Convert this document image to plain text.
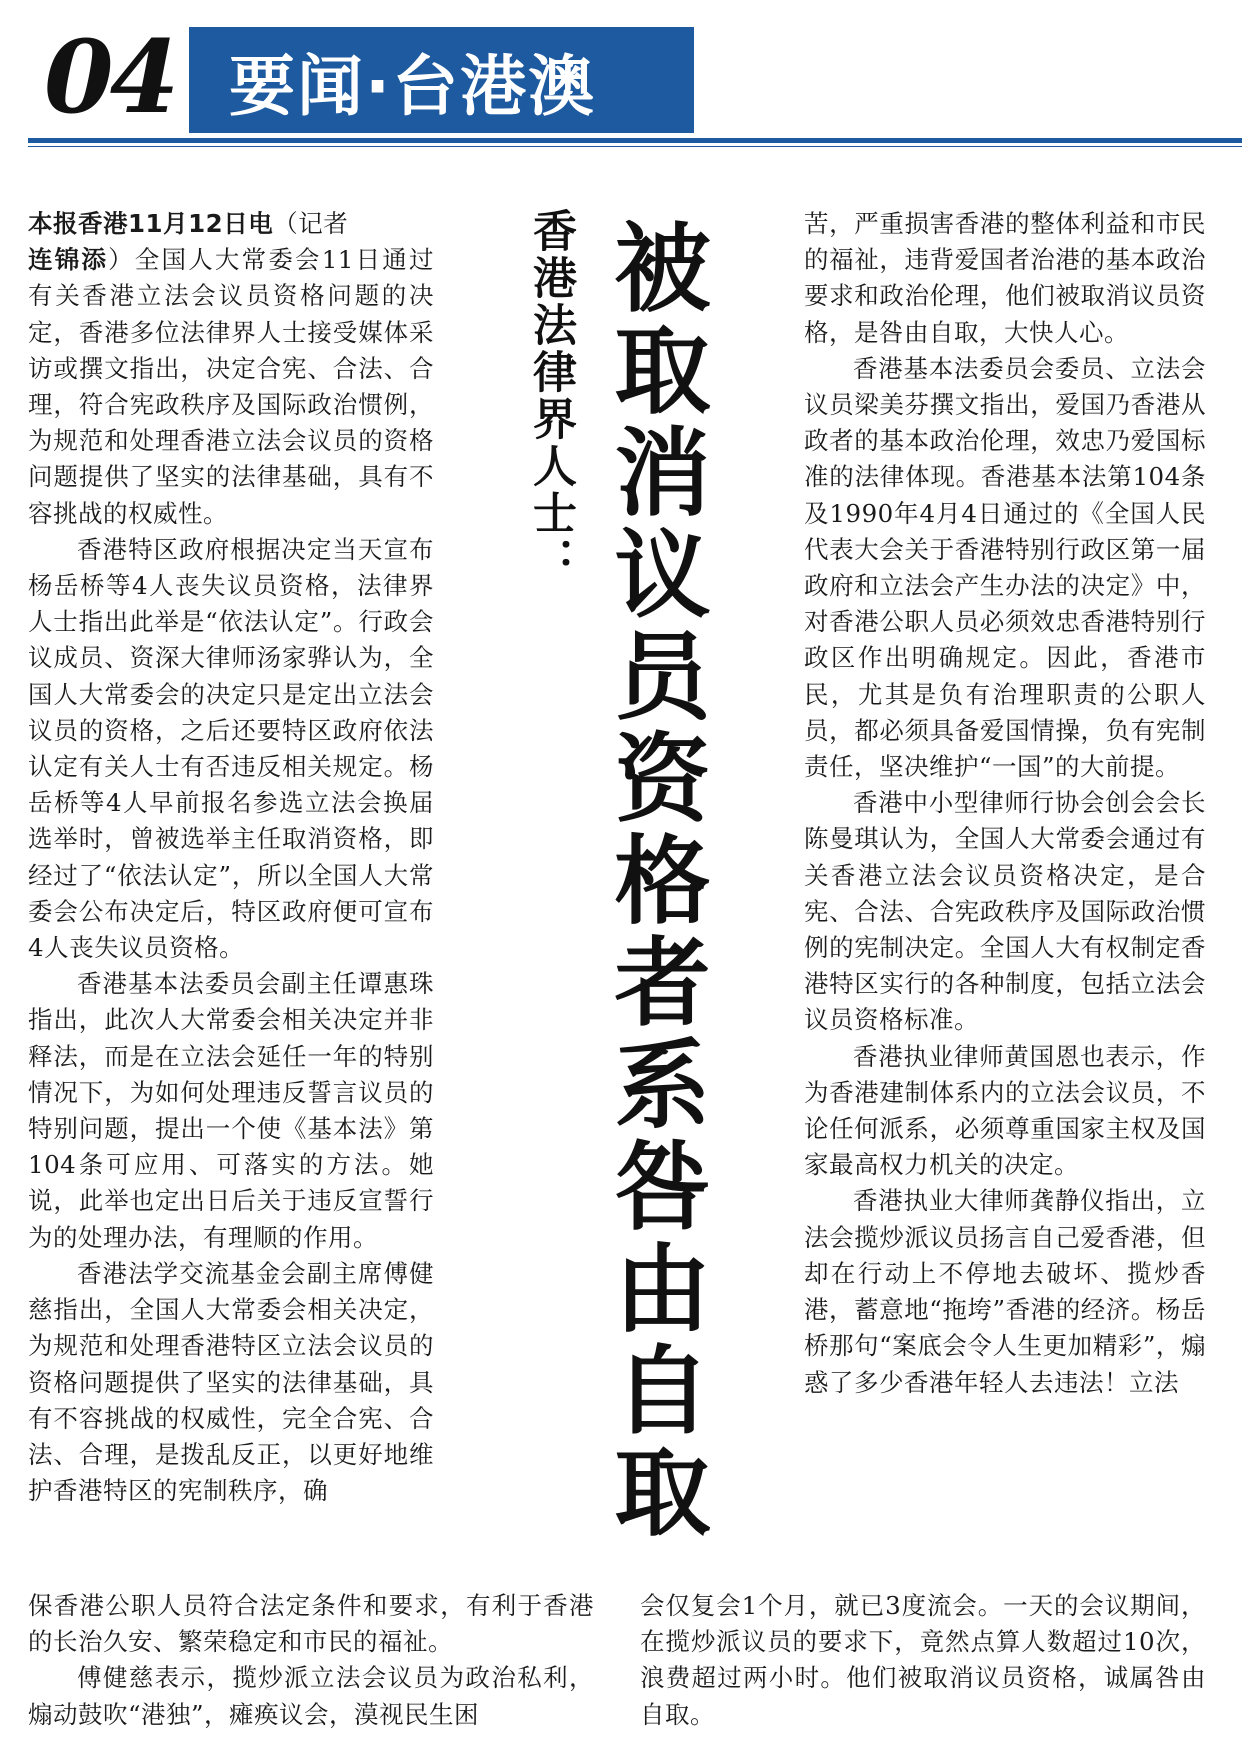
04 要闻·台港澳

本报香港11月12日电（记者
连锦添）全国人大常委会11日通过有关香港立法会议员资格问题的决定，香港多位法律界人士接受媒体采访或撰文指出，决定合宪、合法、合理，符合宪政秩序及国际政治惯例，为规范和处理香港立法会议员的资格问题提供了坚实的法律基础，具有不容挑战的权威性。

香港特区政府根据决定当天宣布杨岳桥等4人丧失议员资格，法律界人士指出此举是“依法认定”。行政会议成员、资深大律师汤家骅认为，全国人大常委会的决定只是定出立法会议员的资格，之后还要特区政府依法认定有关人士有否违反相关规定。杨岳桥等4人早前报名参选立法会换届选举时，曾被选举主任取消资格，即经过了“依法认定”，所以全国人大常委会公布决定后，特区政府便可宣布4人丧失议员资格。

香港基本法委员会副主任谭惠珠指出，此次人大常委会相关决定并非释法，而是在立法会延任一年的特别情况下，为如何处理违反誓言议员的特别问题，提出一个使《基本法》第104条可应用、可落实的方法。她说，此举也定出日后关于违反宣誓行为的处理办法，有理顺的作用。

香港法学交流基金会副主席傅健慈指出，全国人大常委会相关决定，为规范和处理香港特区立法会议员的资格问题提供了坚实的法律基础，具有不容挑战的权威性，完全合宪、合法、合理，是拨乱反正，以更好地维护香港特区的宪制秩序，确

香港法律界人士： 被取消议员资格者系咎由自取	苦，严重损害香港的整体利益和市民的福祉，违背爱国者治港的基本政治要求和政治伦理，他们被取消议员资格，是咎由自取，大快人心。

香港基本法委员会委员、立法会议员梁美芬撰文指出，爱国乃香港从政者的基本政治伦理，效忠乃爱国标准的法律体现。香港基本法第104条及1990年4月4日通过的《全国人民代表大会关于香港特别行政区第一届政府和立法会产生办法的决定》中，对香港公职人员必须效忠香港特别行政区作出明确规定。因此，香港市民，尤其是负有治理职责的公职人员，都必须具备爱国情操，负有宪制责任，坚决维护“一国”的大前提。

香港中小型律师行协会创会会长陈曼琪认为，全国人大常委会通过有关香港立法会议员资格决定，是合宪、合法、合宪政秩序及国际政治惯例的宪制决定。全国人大有权制定香港特区实行的各种制度，包括立法会议员资格标准。

香港执业律师黄国恩也表示，作为香港建制体系内的立法会议员，不论任何派系，必须尊重国家主权及国家最高权力机关的决定。

香港执业大律师龚静仪指出，立法会揽炒派议员扬言自己爱香港，但却在行动上不停地去破坏、揽炒香港，蓄意地“拖垮”香港的经济。杨岳桥那句“案底会令人生更加精彩”，煽惑了多少香港年轻人去违法！立法

保香港公职人员符合法定条件和要求，有利于香港的长治久安、繁荣稳定和市民的福祉。

傅健慈表示，揽炒派立法会议员为政治私利，煽动鼓吹“港独”，瘫痪议会，漠视民生困

会仅复会1个月，就已3度流会。一天的会议期间，在揽炒派议员的要求下，竟然点算人数超过10次，浪费超过两小时。他们被取消议员资格，诚属咎由自取。
